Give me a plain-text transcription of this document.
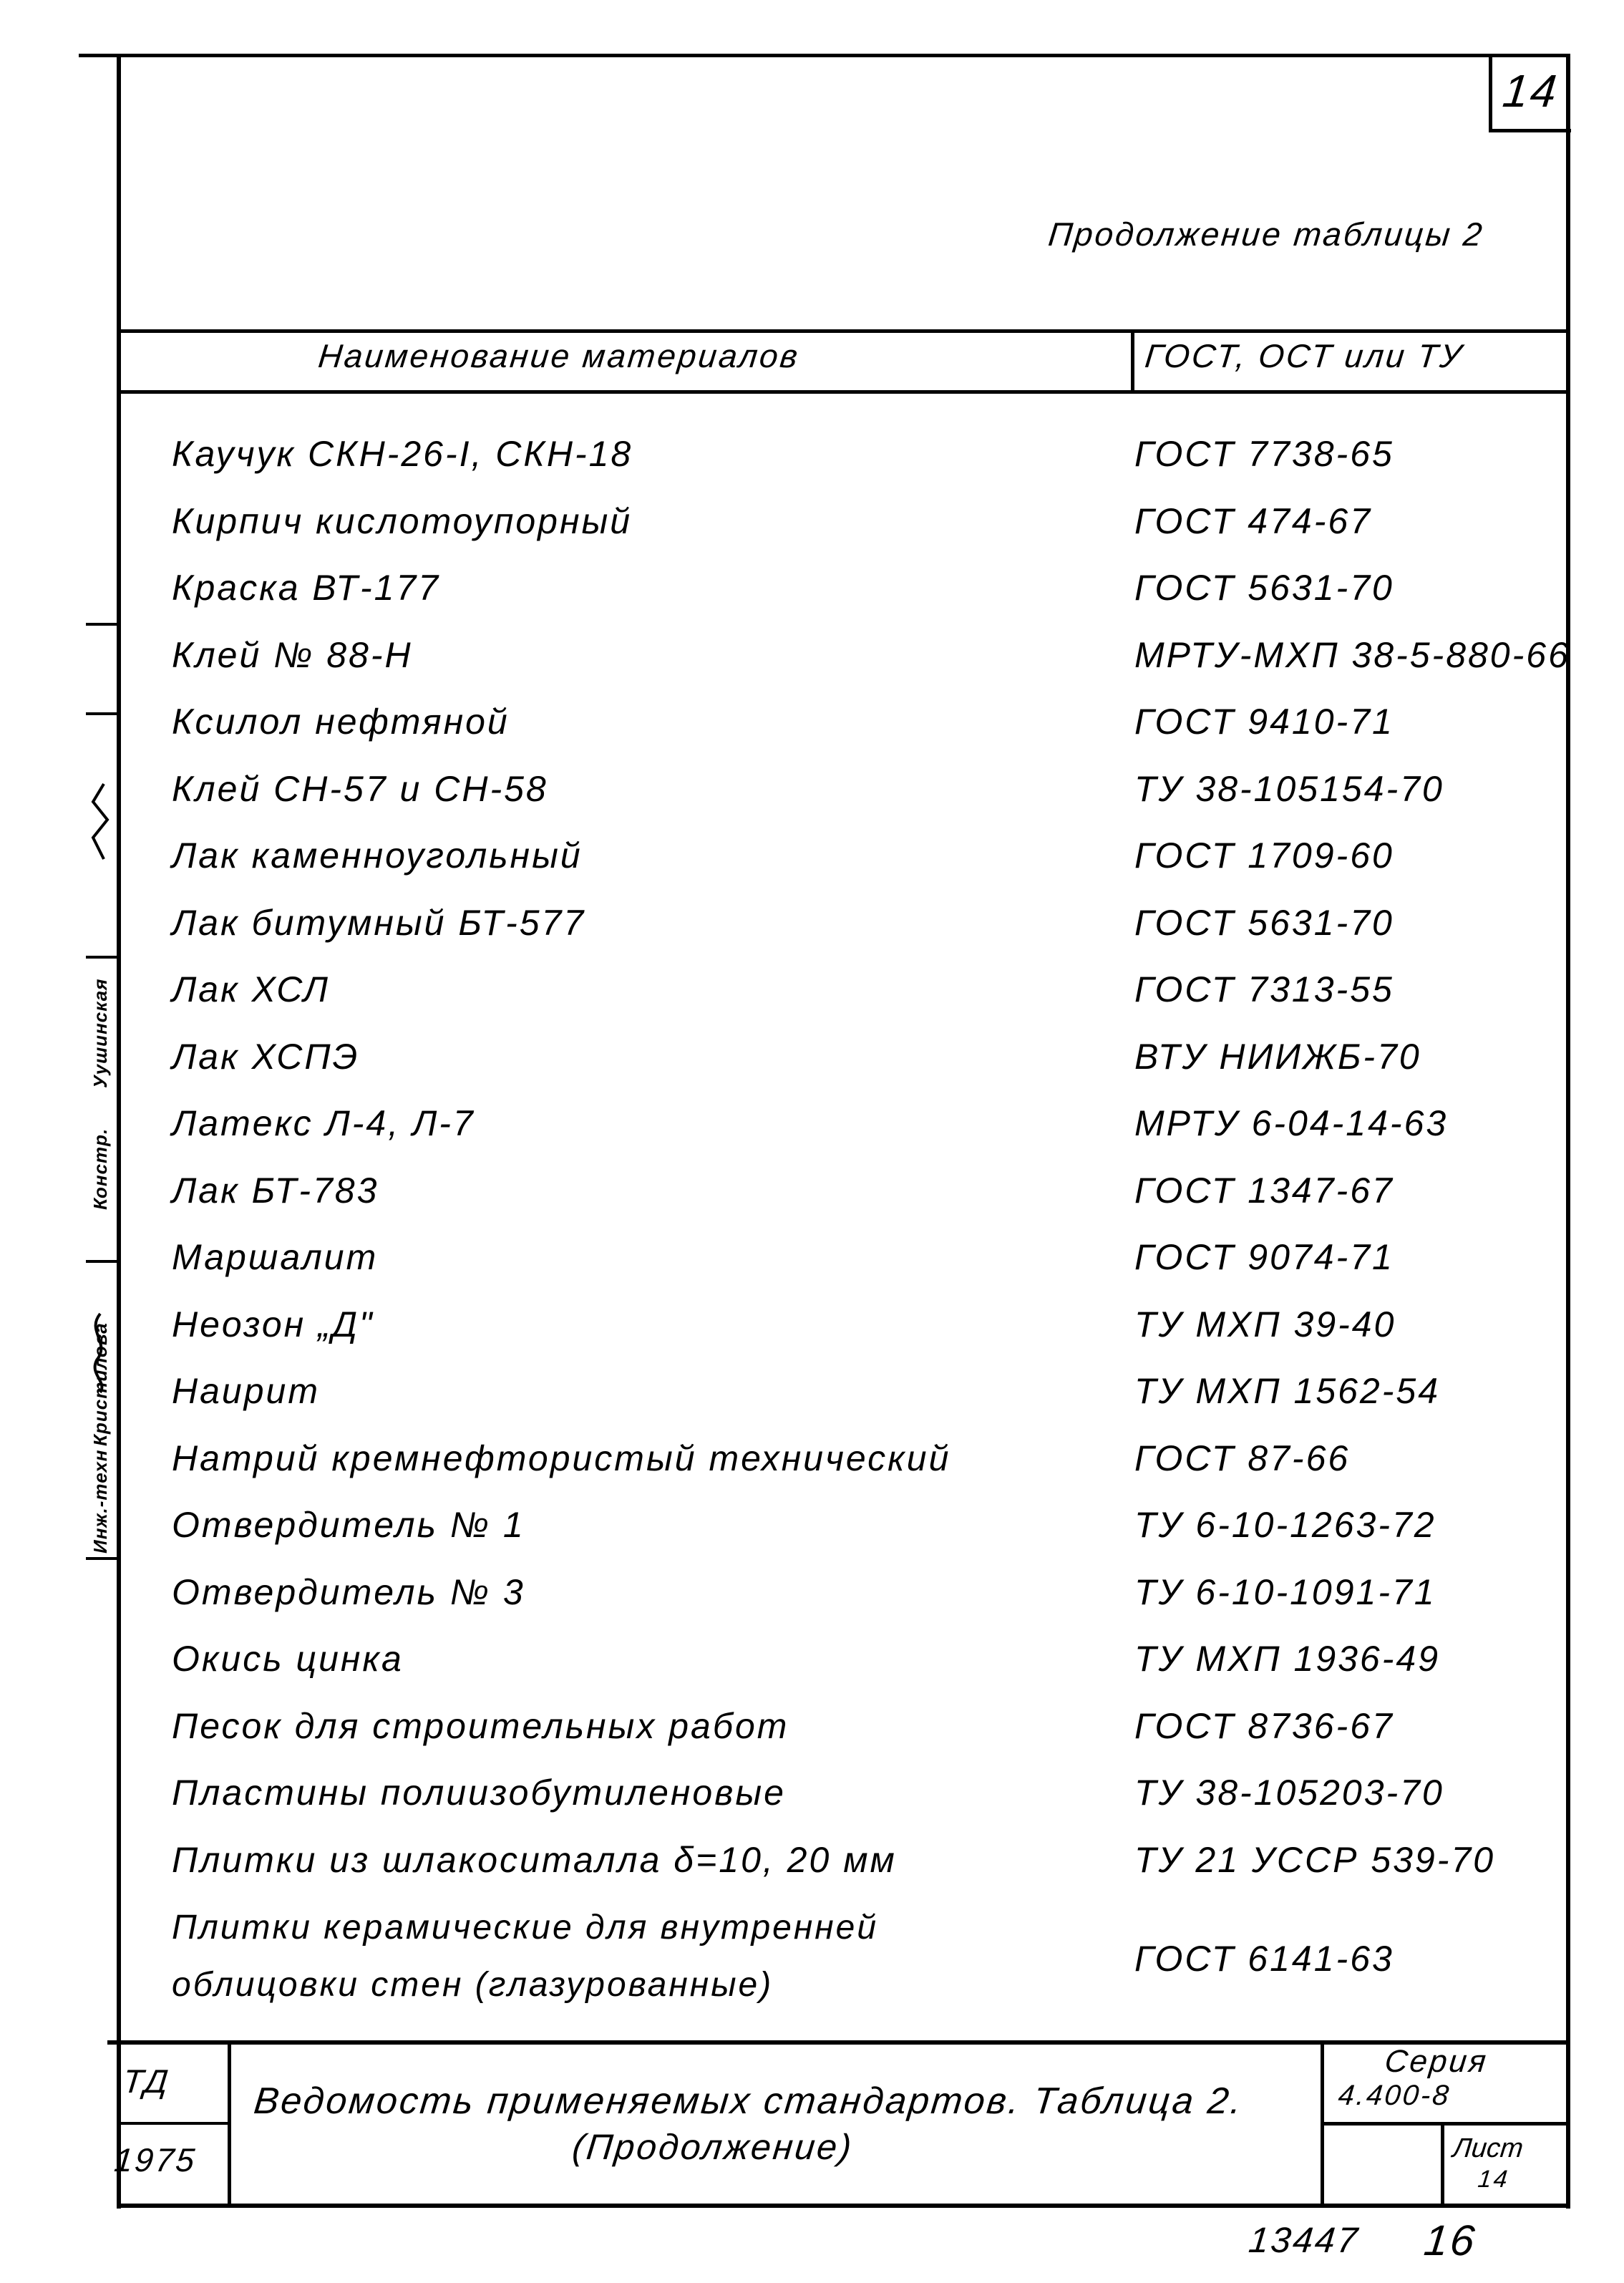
14
Продолжение таблицы 2
Наименование материалов	ГОСТ, ОСТ или ТУ
Каучук СКН-26-I, СКН-18	ГОСТ 7738-65
Кирпич кислотоупорный	ГОСТ 474-67
Краска ВТ-177	ГОСТ 5631-70
Клей № 88-Н	МРТУ-МХП 38-5-880-66
Ксилол нефтяной	ГОСТ 9410-71
Клей СН-57 и СН-58	ТУ 38-105154-70
Лак каменноугольный	ГОСТ 1709-60
Лак битумный БТ-577	ГОСТ 5631-70
Лак ХСЛ	ГОСТ 7313-55
Лак ХСПЭ	ВТУ НИИЖБ-70
Латекс Л-4, Л-7	МРТУ 6-04-14-63
Лак БТ-783	ГОСТ 1347-67
Маршалит	ГОСТ 9074-71
Неозон „Д"	ТУ МХП 39-40
Наирит	ТУ МХП 1562-54
Натрий кремнефтористый технический	ГОСТ 87-66
Отвердитель № 1	ТУ 6-10-1263-72
Отвердитель № 3	ТУ 6-10-1091-71
Окись цинка	ТУ МХП 1936-49
Песок для строительных работ	ГОСТ 8736-67
Пластины полиизобутиленовые	ТУ 38-105203-70
Плитки из шлакоситалла δ=10, 20 мм	ТУ 21 УССР 539-70
Плитки керамические для внутренней
облицовки стен (глазурованные)
ГОСТ 6141-63
ТД
1975
Ведомость применяемых стандартов. Таблица 2.
(Продолжение)
Серия
4.400-8
Лист
14
13447 16
Инж.-техн
Кристилова
Констр.
Уушинская
